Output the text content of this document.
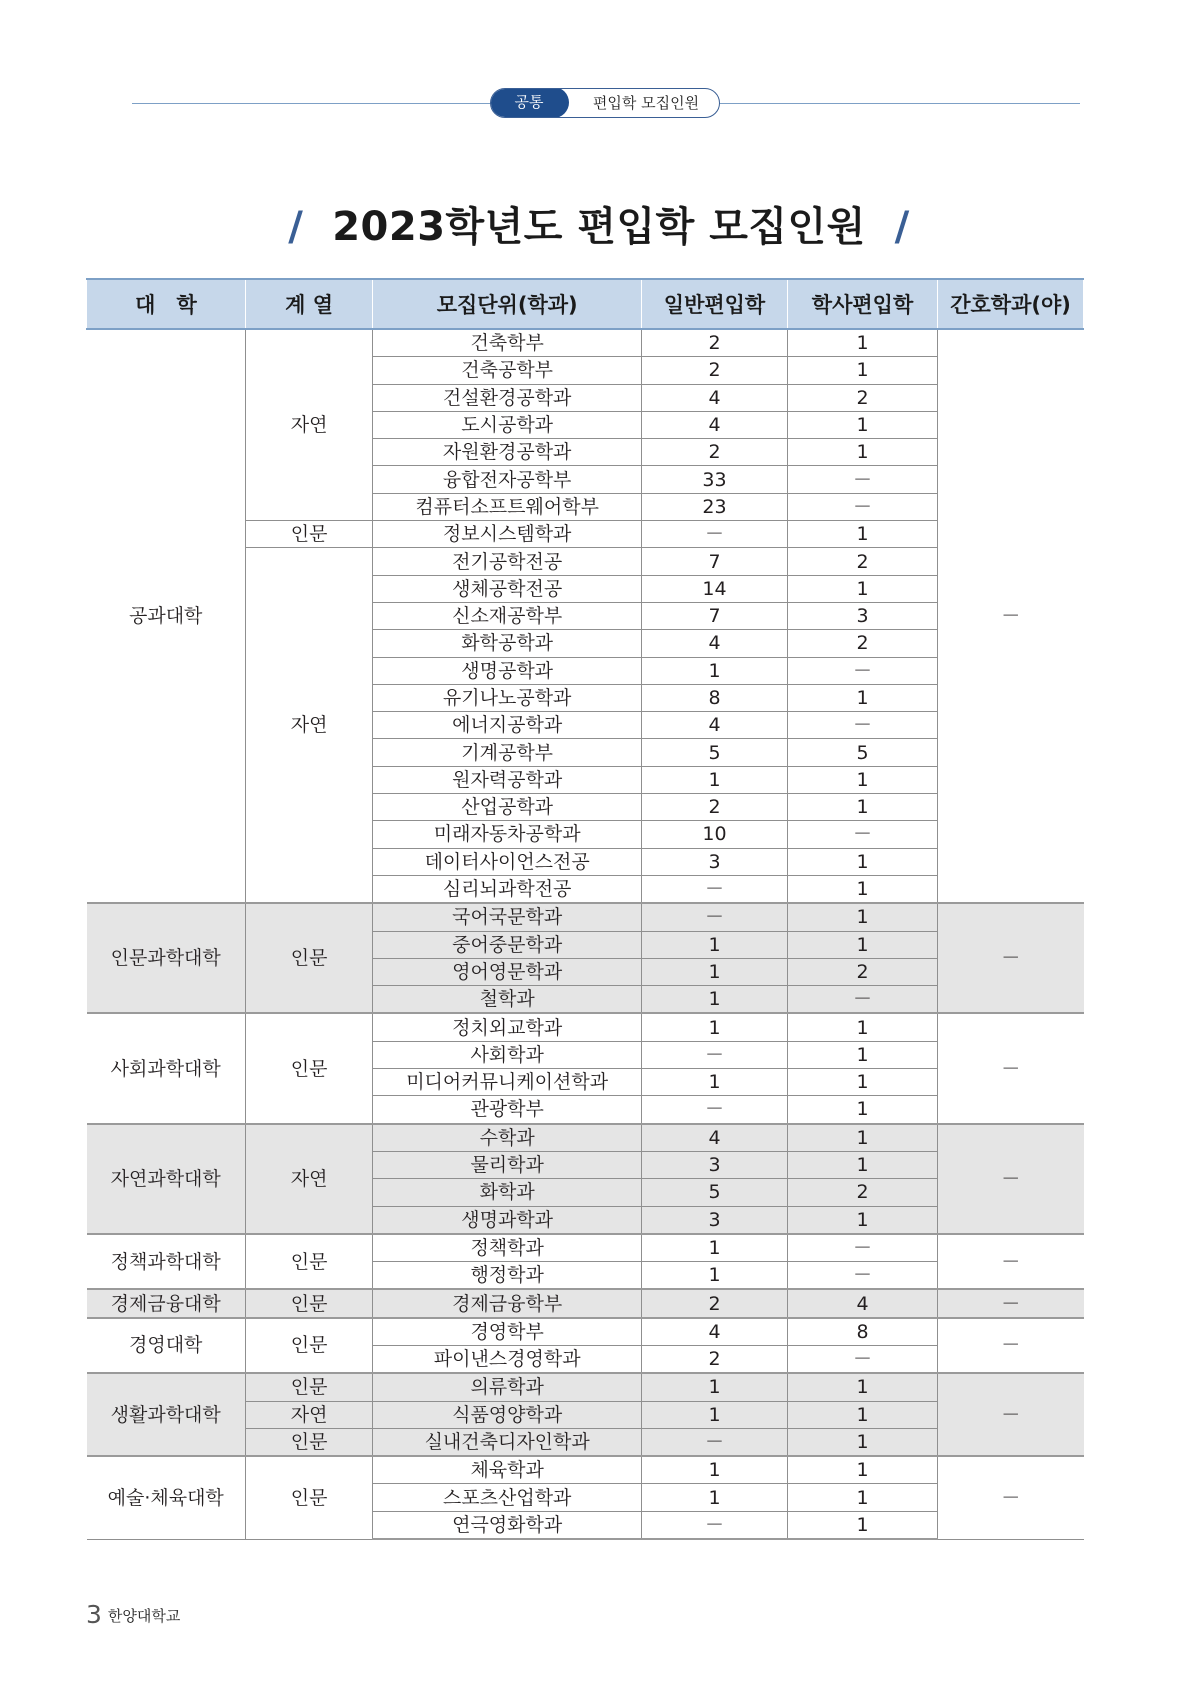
공통	편입학 모집인원
/ 2023학년도 편입학 모집인원 /
대　학	계 열	모집단위(학과)	일반편입학	학사편입학	간호학과(야)
공과대학	자연	건축학부	2	1	－
		건축공학부	2	1	
		건설환경공학과	4	2	
		도시공학과	4	1	
		자원환경공학과	2	1	
		융합전자공학부	33	－	
		컴퓨터소프트웨어학부	23	－	
	인문	정보시스템학과	－	1	
	자연	전기공학전공	7	2	
		생체공학전공	14	1	
		신소재공학부	7	3	
		화학공학과	4	2	
		생명공학과	1	－	
		유기나노공학과	8	1	
		에너지공학과	4	－	
		기계공학부	5	5	
		원자력공학과	1	1	
		산업공학과	2	1	
		미래자동차공학과	10	－	
		데이터사이언스전공	3	1	
		심리뇌과학전공	－	1	
인문과학대학	인문	국어국문학과	－	1	－
		중어중문학과	1	1	
		영어영문학과	1	2	
		철학과	1	－	
사회과학대학	인문	정치외교학과	1	1	－
		사회학과	－	1	
		미디어커뮤니케이션학과	1	1	
		관광학부	－	1	
자연과학대학	자연	수학과	4	1	－
		물리학과	3	1	
		화학과	5	2	
		생명과학과	3	1	
정책과학대학	인문	정책학과	1	－	－
		행정학과	1	－	
경제금융대학	인문	경제금융학부	2	4	－
경영대학	인문	경영학부	4	8	－
		파이낸스경영학과	2	－	
생활과학대학	인문	의류학과	1	1	－
	자연	식품영양학과	1	1	
	인문	실내건축디자인학과	－	1	
예술·체육대학	인문	체육학과	1	1	－
		스포츠산업학과	1	1	
		연극영화학과	－	1	
3 한양대학교
